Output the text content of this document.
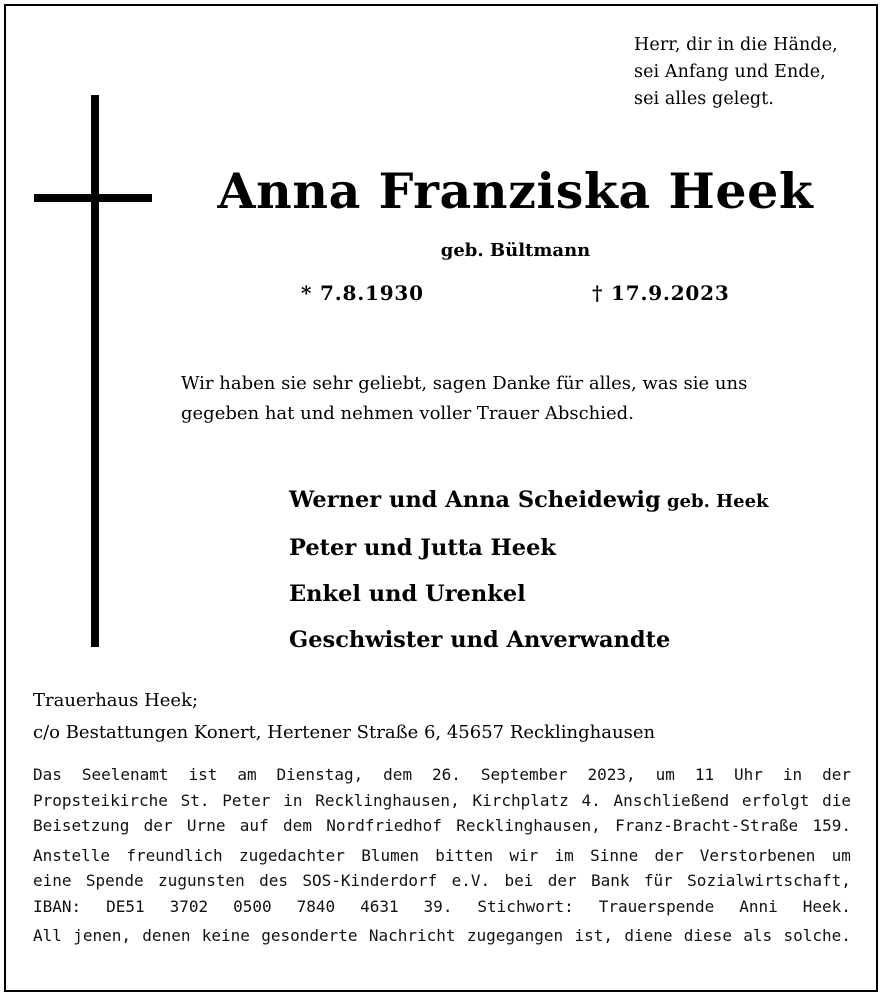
Herr, dir in die Hände,
sei Anfang und Ende,
sei alles gelegt.
Anna Franziska Heek
geb. Bültmann
* 7.8.1930	† 17.9.2023
Wir haben sie sehr geliebt, sagen Danke für alles, was sie uns
gegeben hat und nehmen voller Trauer Abschied.
Werner und Anna Scheidewig geb. Heek
Peter und Jutta Heek
Enkel und Urenkel
Geschwister und Anverwandte
Trauerhaus Heek;
c/o Bestattungen Konert, Hertener Straße 6, 45657 Recklinghausen
Das Seelenamt ist am Dienstag, dem 26. September 2023, um 11 Uhr in der
Propsteikirche St. Peter in Recklinghausen, Kirchplatz 4. Anschließend erfolgt die
Beisetzung der Urne auf dem Nordfriedhof Recklinghausen, Franz-Bracht-Straße 159.
Anstelle freundlich zugedachter Blumen bitten wir im Sinne der Verstorbenen um
eine Spende zugunsten des SOS-Kinderdorf e.V. bei der Bank für Sozialwirtschaft,
IBAN: DE51 3702 0500 7840 4631 39. Stichwort: Trauerspende Anni Heek.
All jenen, denen keine gesonderte Nachricht zugegangen ist, diene diese als solche.
